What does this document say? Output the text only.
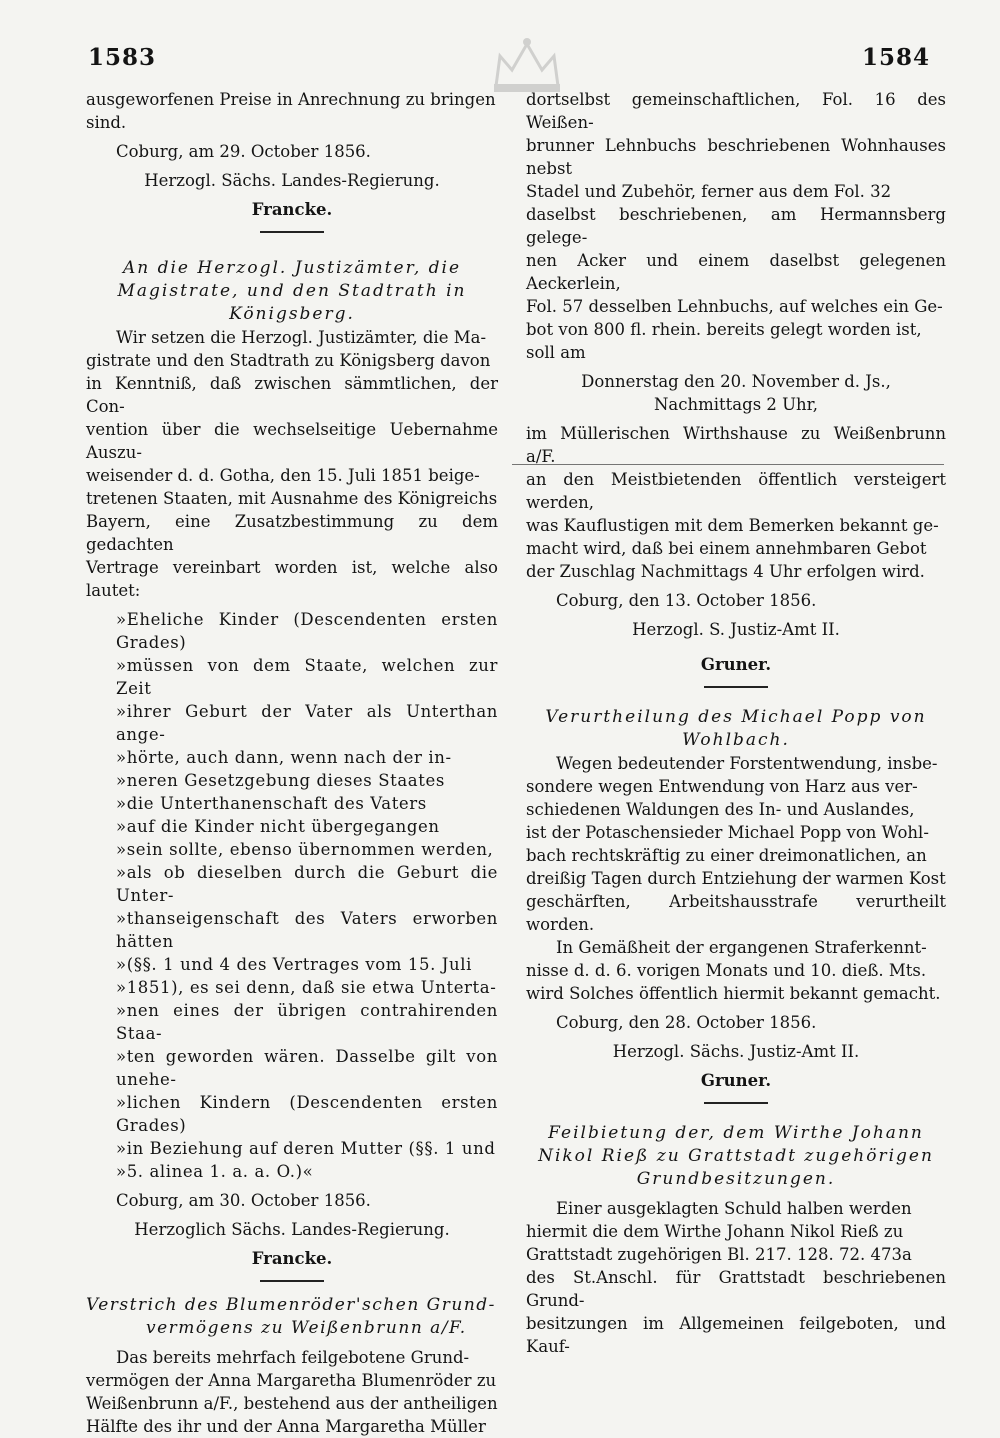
1583	1584

ausgeworfenen Preise in Anrechnung zu bringen
sind.

Coburg, am 29. October 1856.

Herzogl. Sächs. Landes-Regierung.

Francke.

An die Herzogl. Justizämter, die

Magistrate, und den Stadtrath in

Königsberg.

Wir setzen die Herzogl. Justizämter, die Ma-

gistrate und den Stadtrath zu Königsberg davon

in Kenntniß, daß zwischen sämmtlichen, der Con-

vention über die wechselseitige Uebernahme Auszu-

weisender d. d. Gotha, den 15. Juli 1851 beige-

tretenen Staaten, mit Ausnahme des Königreichs

Bayern, eine Zusatzbestimmung zu dem gedachten

Vertrage vereinbart worden ist, welche also lautet:

»Eheliche Kinder (Descendenten ersten Grades)

»müssen von dem Staate, welchen zur Zeit

»ihrer Geburt der Vater als Unterthan ange-

»hörte, auch dann, wenn nach der in-

»neren Gesetzgebung dieses Staates

»die Unterthanenschaft des Vaters

»auf die Kinder nicht übergegangen

»sein sollte, ebenso übernommen werden,

»als ob dieselben durch die Geburt die Unter-

»thanseigenschaft des Vaters erworben hätten

»(§§. 1 und 4 des Vertrages vom 15. Juli

»1851), es sei denn, daß sie etwa Unterta-

»nen eines der übrigen contrahirenden Staa-

»ten geworden wären. Dasselbe gilt von unehe-

»lichen Kindern (Descendenten ersten Grades)

»in Beziehung auf deren Mutter (§§. 1 und

»5. alinea 1. a. a. O.)«

Coburg, am 30. October 1856.

Herzoglich Sächs. Landes-Regierung.

Francke.

Verstrich des Blumenröder'schen Grund-

vermögens zu Weißenbrunn a/F.

Das bereits mehrfach feilgebotene Grund-

vermögen der Anna Margaretha Blumenröder zu

Weißenbrunn a/F., bestehend aus der antheiligen

Hälfte des ihr und der Anna Margaretha Müller

dortselbst gemeinschaftlichen, Fol. 16 des Weißen-

brunner Lehnbuchs beschriebenen Wohnhauses nebst

Stadel und Zubehör, ferner aus dem Fol. 32

daselbst beschriebenen, am Hermannsberg gelege-

nen Acker und einem daselbst gelegenen Aeckerlein,

Fol. 57 desselben Lehnbuchs, auf welches ein Ge-

bot von 800 fl. rhein. bereits gelegt worden ist,

soll am

Donnerstag den 20. November d. Js.,

Nachmittags 2 Uhr,

im Müllerischen Wirthshause zu Weißenbrunn a/F.

an den Meistbietenden öffentlich versteigert werden,

was Kauflustigen mit dem Bemerken bekannt ge-

macht wird, daß bei einem annehmbaren Gebot

der Zuschlag Nachmittags 4 Uhr erfolgen wird.

Coburg, den 13. October 1856.

Herzogl. S. Justiz-Amt II.

Gruner.

Verurtheilung des Michael Popp von

Wohlbach.

Wegen bedeutender Forstentwendung, insbe-

sondere wegen Entwendung von Harz aus ver-

schiedenen Waldungen des In- und Auslandes,

ist der Potaschensieder Michael Popp von Wohl-

bach rechtskräftig zu einer dreimonatlichen, an

dreißig Tagen durch Entziehung der warmen Kost

geschärften, Arbeitshausstrafe verurtheilt worden.

In Gemäßheit der ergangenen Straferkennt-

nisse d. d. 6. vorigen Monats und 10. dieß. Mts.

wird Solches öffentlich hiermit bekannt gemacht.

Coburg, den 28. October 1856.

Herzogl. Sächs. Justiz-Amt II.

Gruner.

Feilbietung der, dem Wirthe Johann

Nikol Rieß zu Grattstadt zugehörigen

Grundbesitzungen.

Einer ausgeklagten Schuld halben werden

hiermit die dem Wirthe Johann Nikol Rieß zu

Grattstadt zugehörigen Bl. 217. 128. 72. 473a

des St.Anschl. für Grattstadt beschriebenen Grund-

besitzungen im Allgemeinen feilgeboten, und Kauf-
